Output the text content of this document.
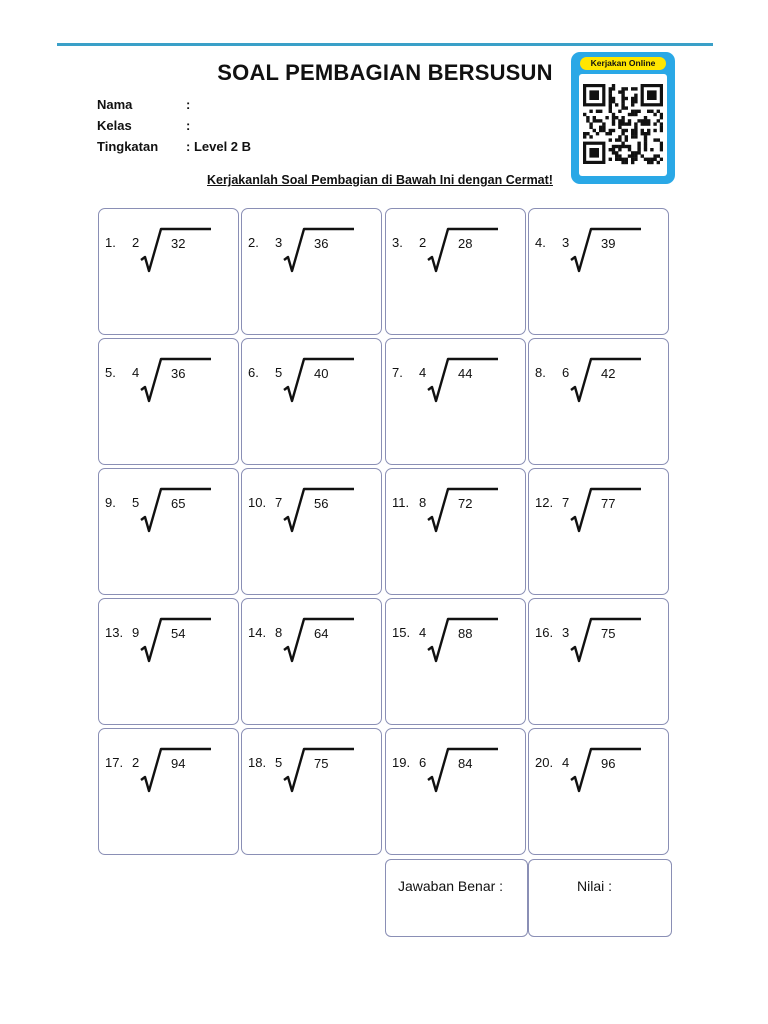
SOAL PEMBAGIAN BERSUSUN
Nama	:
Kelas	:
Tingkatan : Level 2 B
Kerjakan Online
Kerjakanlah Soal Pembagian di Bawah Ini dengan Cermat!
1. 2 32	2. 3 36	3. 2 28	4. 3 39
5. 4 36	6. 5 40	7. 4 44	8. 6 42
9. 5 65	10. 7 56	11. 8 72	12. 7 77
13. 9 54	14. 8 64	15. 4 88	16. 3 75
17. 2 94	18. 5 75	19. 6 84	20. 4 96
Jawaban Benar :	Nilai :
